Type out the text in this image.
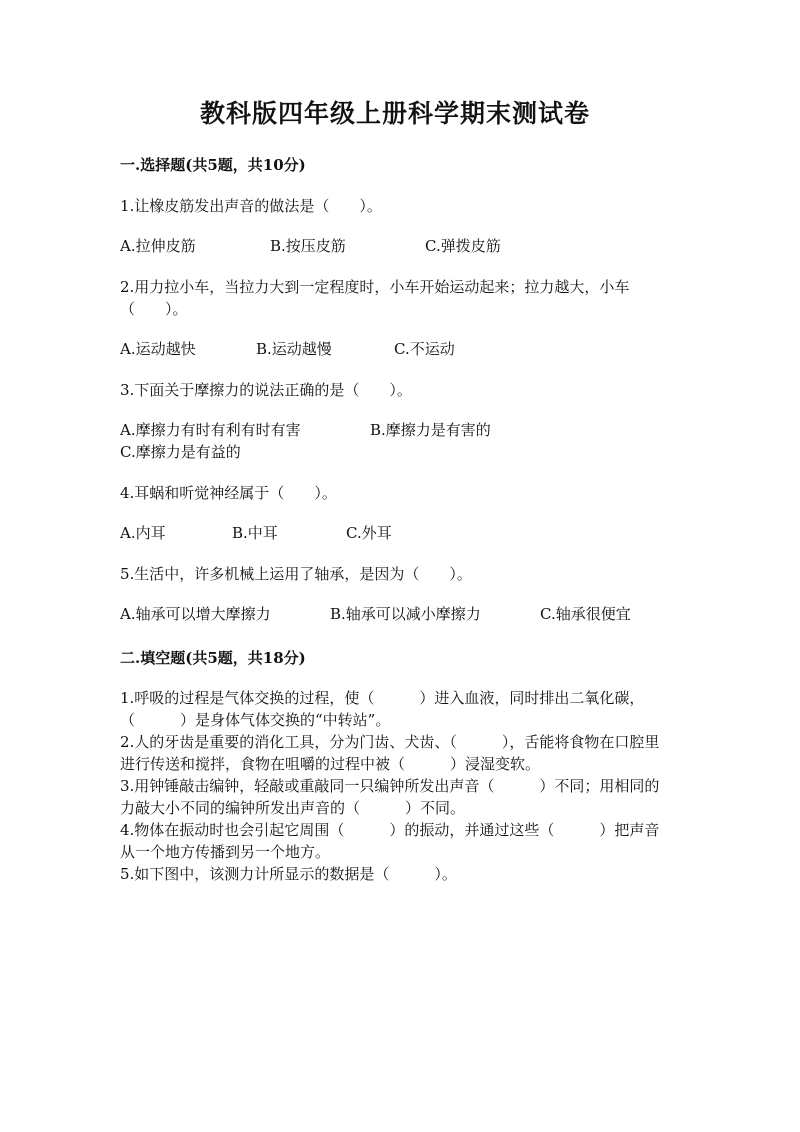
教科版四年级上册科学期末测试卷

一.选择题(共5题，共10分)

1.让橡皮筋发出声音的做法是（　　）。

A.拉伸皮筋	B.按压皮筋	C.弹拨皮筋

2.用力拉小车，当拉力大到一定程度时，小车开始运动起来；拉力越大，小车（　　）。

A.运动越快	B.运动越慢	C.不运动

3.下面关于摩擦力的说法正确的是（　　）。

A.摩擦力有时有利有时有害	B.摩擦力是有害的C.摩擦力是有益的

4.耳蜗和听觉神经属于（　　）。

A.内耳	B.中耳	C.外耳

5.生活中，许多机械上运用了轴承，是因为（　　）。

A.轴承可以增大摩擦力	B.轴承可以减小摩擦力	C.轴承很便宜

二.填空题(共5题，共18分)

1.呼吸的过程是气体交换的过程，使（　　　）进入血液，同时排出二氧化碳，（　　　）是身体气体交换的“中转站”。

2.人的牙齿是重要的消化工具，分为门齿、犬齿、（　　　），舌能将食物在口腔里进行传送和搅拌，食物在咀嚼的过程中被（　　　）浸湿变软。

3.用钟锤敲击编钟，轻敲或重敲同一只编钟所发出声音（　　　）不同；用相同的力敲大小不同的编钟所发出声音的（　　　）不同。

4.物体在振动时也会引起它周围（　　　）的振动，并通过这些（　　　）把声音从一个地方传播到另一个地方。

5.如下图中，该测力计所显示的数据是（　　　）。
